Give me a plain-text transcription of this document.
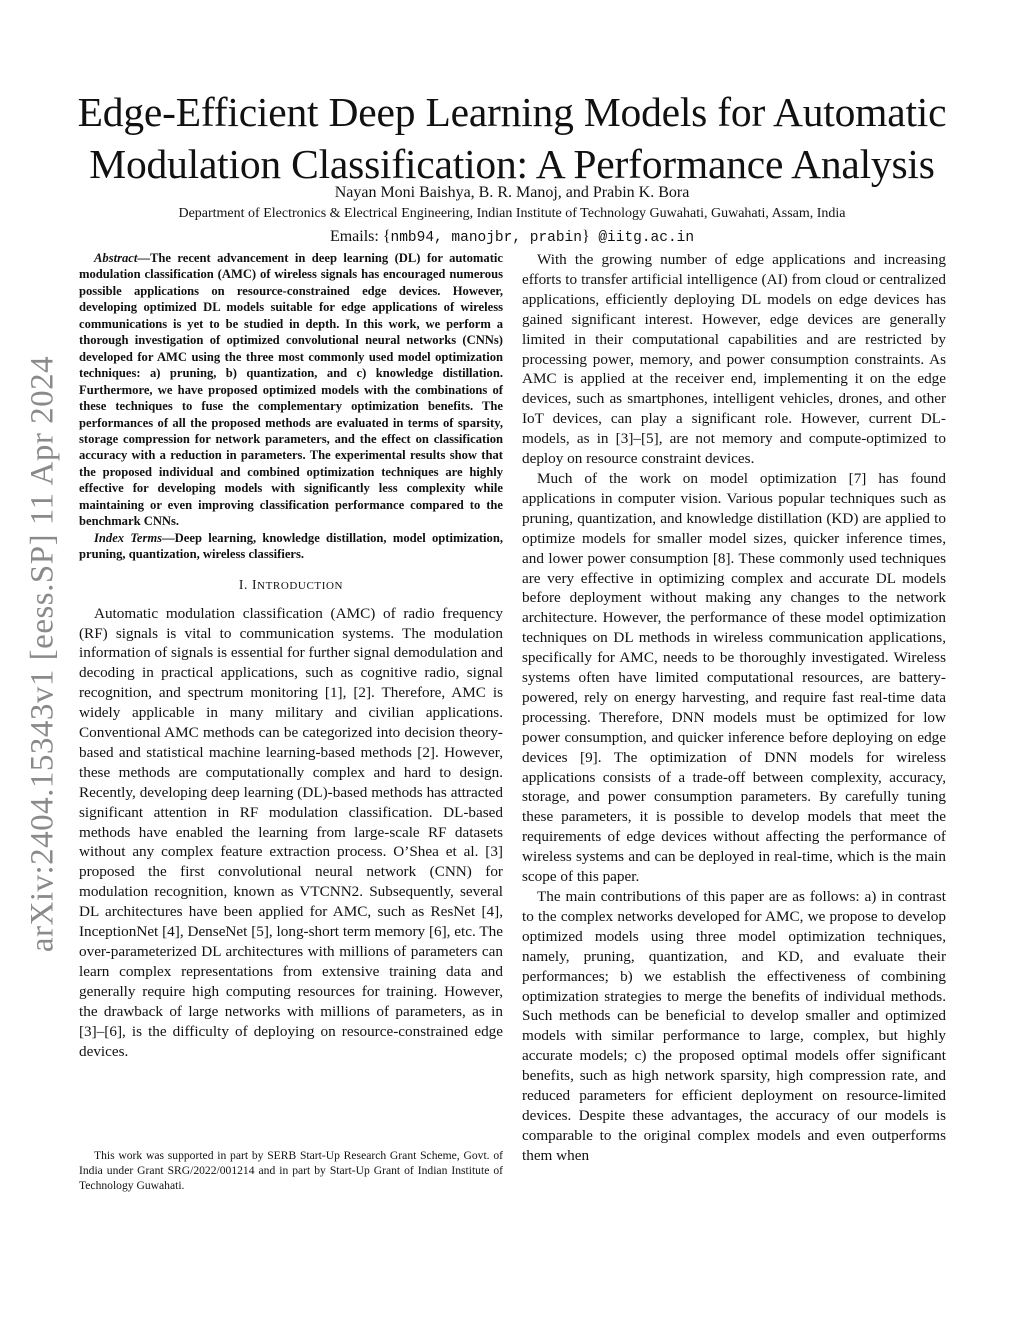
arXiv:2404.15343v1 [eess.SP] 11 Apr 2024
Edge-Efficient Deep Learning Models for Automatic
Modulation Classification: A Performance Analysis
Nayan Moni Baishya, B. R. Manoj, and Prabin K. Bora
Department of Electronics & Electrical Engineering, Indian Institute of Technology Guwahati, Guwahati, Assam, India
Emails: {nmb94, manojbr, prabin} @iitg.ac.in

Abstract—The recent advancement in deep learning (DL) for automatic modulation classification (AMC) of wireless signals has encouraged numerous possible applications on resource-constrained edge devices. However, developing optimized DL models suitable for edge applications of wireless communications is yet to be studied in depth. In this work, we perform a thorough investigation of optimized convolutional neural networks (CNNs) developed for AMC using the three most commonly used model optimization techniques: a) pruning, b) quantization, and c) knowledge distillation. Furthermore, we have proposed optimized models with the combinations of these techniques to fuse the complementary optimization benefits. The performances of all the proposed methods are evaluated in terms of sparsity, storage compression for network parameters, and the effect on classification accuracy with a reduction in parameters. The experimental results show that the proposed individual and combined optimization techniques are highly effective for developing models with significantly less complexity while maintaining or even improving classification performance compared to the benchmark CNNs.

Index Terms—Deep learning, knowledge distillation, model optimization, pruning, quantization, wireless classifiers.

I. INTRODUCTION

Automatic modulation classification (AMC) of radio frequency (RF) signals is vital to communication systems. The modulation information of signals is essential for further signal demodulation and decoding in practical applications, such as cognitive radio, signal recognition, and spectrum monitoring [1], [2]. Therefore, AMC is widely applicable in many military and civilian applications. Conventional AMC methods can be categorized into decision theory-based and statistical machine learning-based methods [2]. However, these methods are computationally complex and hard to design. Recently, developing deep learning (DL)-based methods has attracted significant attention in RF modulation classification. DL-based methods have enabled the learning from large-scale RF datasets without any complex feature extraction process. O’Shea et al. [3] proposed the first convolutional neural network (CNN) for modulation recognition, known as VTCNN2. Subsequently, several DL architectures have been applied for AMC, such as ResNet [4], InceptionNet [4], DenseNet [5], long-short term memory [6], etc. The over-parameterized DL architectures with millions of parameters can learn complex representations from extensive training data and generally require high computing resources for training. However, the drawback of large networks with millions of parameters, as in [3]–[6], is the difficulty of deploying on resource-constrained edge devices.

This work was supported in part by SERB Start-Up Research Grant Scheme, Govt. of India under Grant SRG/2022/001214 and in part by Start-Up Grant of Indian Institute of Technology Guwahati.

With the growing number of edge applications and increasing efforts to transfer artificial intelligence (AI) from cloud or centralized applications, efficiently deploying DL models on edge devices has gained significant interest. However, edge devices are generally limited in their computational capabilities and are restricted by processing power, memory, and power consumption constraints. As AMC is applied at the receiver end, implementing it on the edge devices, such as smartphones, intelligent vehicles, drones, and other IoT devices, can play a significant role. However, current DL-models, as in [3]–[5], are not memory and compute-optimized to deploy on resource constraint devices.

Much of the work on model optimization [7] has found applications in computer vision. Various popular techniques such as pruning, quantization, and knowledge distillation (KD) are applied to optimize models for smaller model sizes, quicker inference times, and lower power consumption [8]. These commonly used techniques are very effective in optimizing complex and accurate DL models before deployment without making any changes to the network architecture. However, the performance of these model optimization techniques on DL methods in wireless communication applications, specifically for AMC, needs to be thoroughly investigated. Wireless systems often have limited computational resources, are battery-powered, rely on energy harvesting, and require fast real-time data processing. Therefore, DNN models must be optimized for low power consumption, and quicker inference before deploying on edge devices [9]. The optimization of DNN models for wireless applications consists of a trade-off between complexity, accuracy, storage, and power consumption parameters. By carefully tuning these parameters, it is possible to develop models that meet the requirements of edge devices without affecting the performance of wireless systems and can be deployed in real-time, which is the main scope of this paper.

The main contributions of this paper are as follows: a) in contrast to the complex networks developed for AMC, we propose to develop optimized models using three model optimization techniques, namely, pruning, quantization, and KD, and evaluate their performances; b) we establish the effectiveness of combining optimization strategies to merge the benefits of individual methods. Such methods can be beneficial to develop smaller and optimized models with similar performance to large, complex, but highly accurate models; c) the proposed optimal models offer significant benefits, such as high network sparsity, high compression rate, and reduced parameters for efficient deployment on resource-limited devices. Despite these advantages, the accuracy of our models is comparable to the original complex models and even outperforms them when
